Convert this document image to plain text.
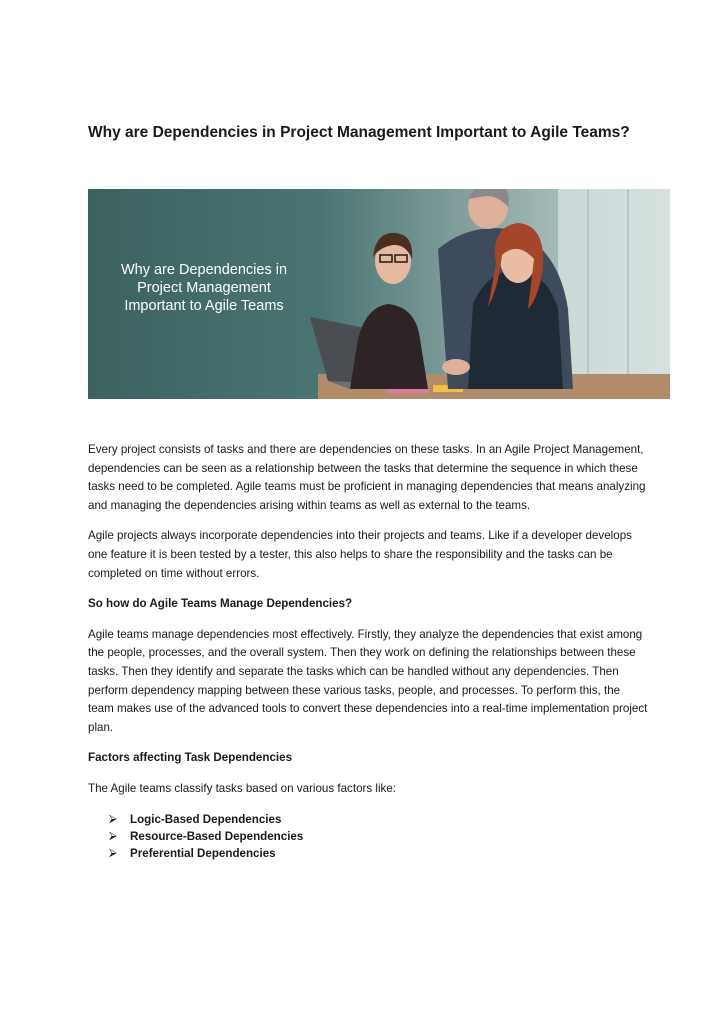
Why are Dependencies in Project Management Important to Agile Teams?
Why are Dependencies in
Project Management
Important to Agile Teams

Every project consists of tasks and there are dependencies on these tasks. In an Agile Project Management, dependencies can be seen as a relationship between the tasks that determine the sequence in which these tasks need to be completed. Agile teams must be proficient in managing dependencies that means analyzing and managing the dependencies arising within teams as well as external to the teams.

Agile projects always incorporate dependencies into their projects and teams. Like if a developer develops one feature it is been tested by a tester, this also helps to share the responsibility and the tasks can be completed on time without errors.

So how do Agile Teams Manage Dependencies?

Agile teams manage dependencies most effectively. Firstly, they analyze the dependencies that exist among the people, processes, and the overall system. Then they work on defining the relationships between these tasks. Then they identify and separate the tasks which can be handled without any dependencies. Then perform dependency mapping between these various tasks, people, and processes. To perform this, the team makes use of the advanced tools to convert these dependencies into a real-time implementation project plan.

Factors affecting Task Dependencies

The Agile teams classify tasks based on various factors like:

⮚ Logic-Based Dependencies
⮚ Resource-Based Dependencies
⮚ Preferential Dependencies
